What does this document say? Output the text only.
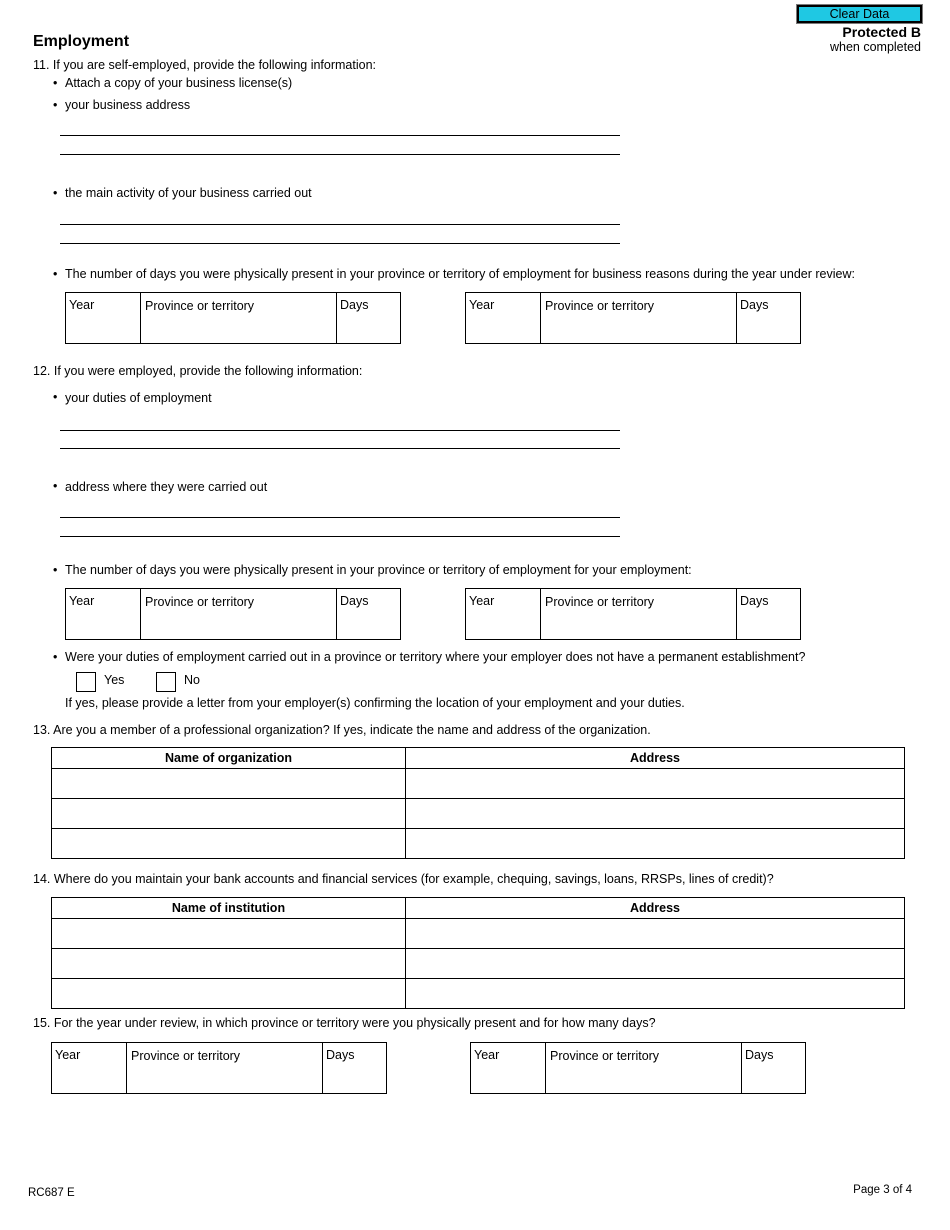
Clear Data
Protected B
when completed
Employment
11. If you are self-employed, provide the following information:
• Attach a copy of your business license(s)
• your business address
• the main activity of your business carried out
• The number of days you were physically present in your province or territory of employment for business reasons during the year under review:
Year	Province or territory	Days	Year	Province or territory	Days
12. If you were employed, provide the following information:
• your duties of employment
• address where they were carried out
• The number of days you were physically present in your province or territory of employment for your employment:
Year	Province or territory	Days	Year	Province or territory	Days
• Were your duties of employment carried out in a province or territory where your employer does not have a permanent establishment?
Yes	No
If yes, please provide a letter from your employer(s) confirming the location of your employment and your duties.
13. Are you a member of a professional organization? If yes, indicate the name and address of the organization.
Name of organization	Address

14. Where do you maintain your bank accounts and financial services (for example, chequing, savings, loans, RRSPs, lines of credit)?
Name of institution	Address

15. For the year under review, in which province or territory were you physically present and for how many days?
Year	Province or territory	Days	Year	Province or territory	Days
RC687 E	Page 3 of 4
